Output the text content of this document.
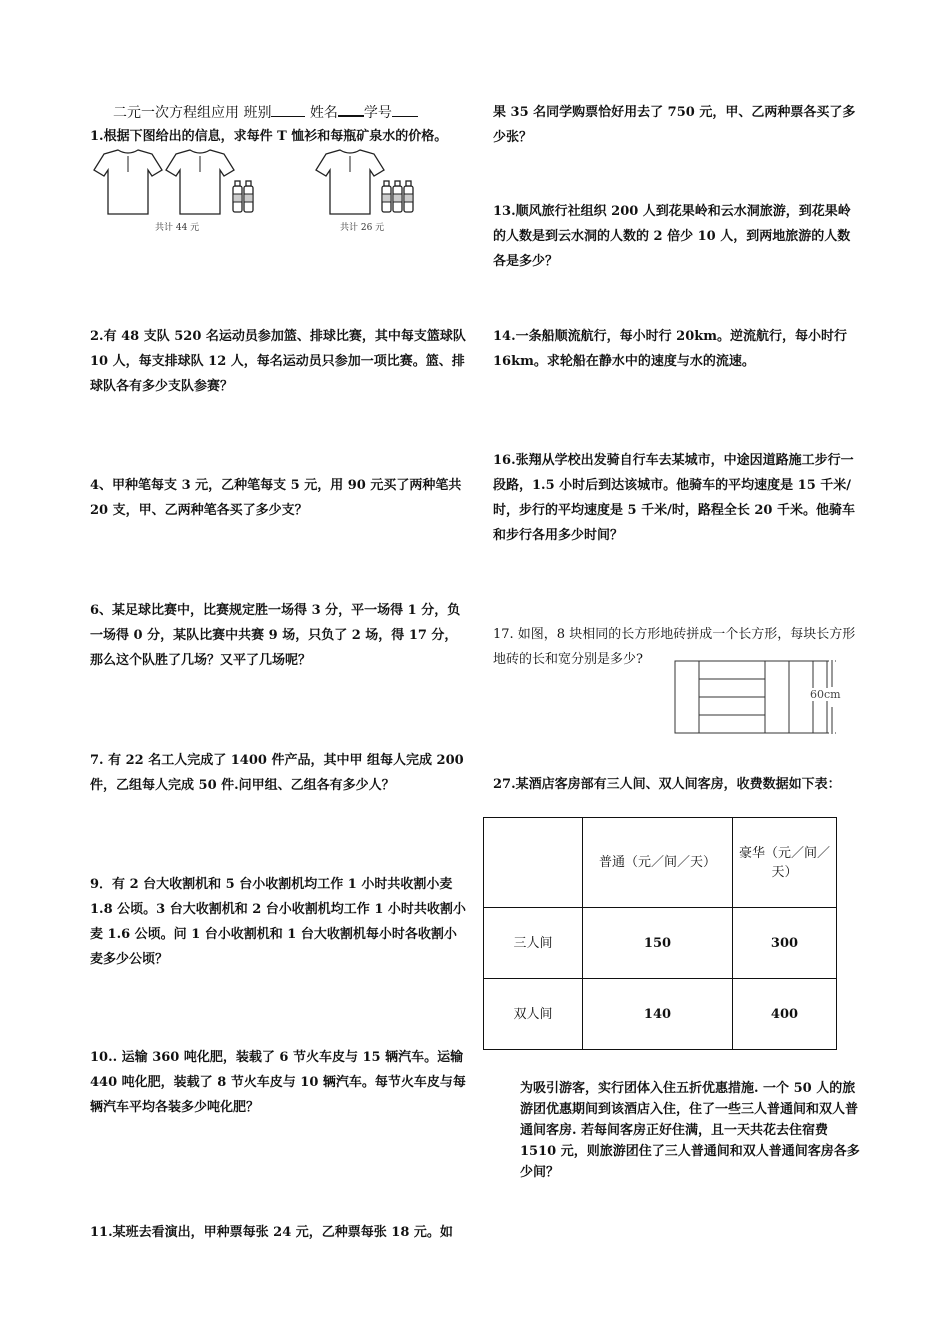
二元一次方程组应用 班别	姓名 学号
1.根据下图给出的信息，求每件 T 恤衫和每瓶矿泉水的价格。
共计 44 元	共计 26 元
2.有 48 支队 520 名运动员参加篮、排球比赛，其中每支篮球队 10 人，每支排球队 12 人，每名运动员只参加一项比赛。篮、排球队各有多少支队参赛？
4、甲种笔每支 3 元，乙种笔每支 5 元，用 90 元买了两种笔共 20 支，甲、乙两种笔各买了多少支？
6、某足球比赛中，比赛规定胜一场得 3 分，平一场得 1 分，负一场得 0 分，某队比赛中共赛 9 场，只负了 2 场，得 17 分，那么这个队胜了几场？又平了几场呢？
7. 有 22 名工人完成了 1400 件产品，其中甲 组每人完成 200 件，乙组每人完成 50 件.问甲组、乙组各有多少人？
9．有 2 台大收割机和 5 台小收割机均工作 1 小时共收割小麦 1.8 公顷。3 台大收割机和 2 台小收割机均工作 1 小时共收割小麦 1.6 公顷。问 1 台小收割机和 1 台大收割机每小时各收割小麦多少公顷？
10.. 运输 360 吨化肥，装载了 6 节火车皮与 15 辆汽车。运输 440 吨化肥，装载了 8 节火车皮与 10 辆汽车。每节火车皮与每辆汽车平均各装多少吨化肥？
11.某班去看演出，甲种票每张 24 元，乙种票每张 18 元。如
果 35 名同学购票恰好用去了 750 元，甲、乙两种票各买了多少张？
13.顺风旅行社组织 200 人到花果岭和云水洞旅游，到花果岭的人数是到云水洞的人数的 2 倍少 10 人，到两地旅游的人数各是多少？
14.一条船顺流航行，每小时行 20km。逆流航行，每小时行 16km。求轮船在静水中的速度与水的流速。
16.张翔从学校出发骑自行车去某城市，中途因道路施工步行一段路，1.5 小时后到达该城市。他骑车的平均速度是 15 千米/时，步行的平均速度是 5 千米/时，路程全长 20 千米。他骑车和步行各用多少时间？
17. 如图，8 块相同的长方形地砖拼成一个长方形，每块长方形地砖的长和宽分别是多少?
60cm
27.某酒店客房部有三人间、双人间客房，收费数据如下表：
	普通（元／间／天）	豪华（元／间／天）
三人间	150	300
双人间	140	400
为吸引游客，实行团体入住五折优惠措施. 一个 50 人的旅游团优惠期间到该酒店入住，住了一些三人普通间和双人普通间客房. 若每间客房正好住满，且一天共花去住宿费 1510 元，则旅游团住了三人普通间和双人普通间客房各多少间？
